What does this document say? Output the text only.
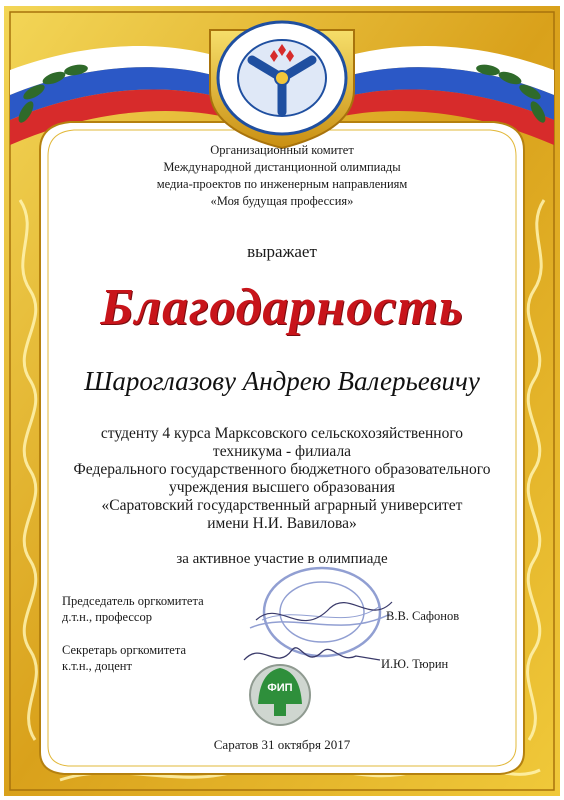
Организационный комитет
Международной дистанционной олимпиады
медиа-проектов по инженерным направлениям
«Моя будущая профессия»
выражает
Благодарность
Шароглазову Андрею Валерьевичу
студенту 4 курса Марксовского сельскохозяйственного
техникума - филиала
Федерального государственного бюджетного образовательного
учреждения высшего образования
«Саратовский государственный аграрный университет
имени Н.И. Вавилова»
за активное участие в олимпиаде
Председатель оргкомитета
д.т.н., профессор	В.В. Сафонов
Секретарь оргкомитета
к.т.н., доцент	И.Ю. Тюрин
ФИП
Саратов 31 октября 2017
